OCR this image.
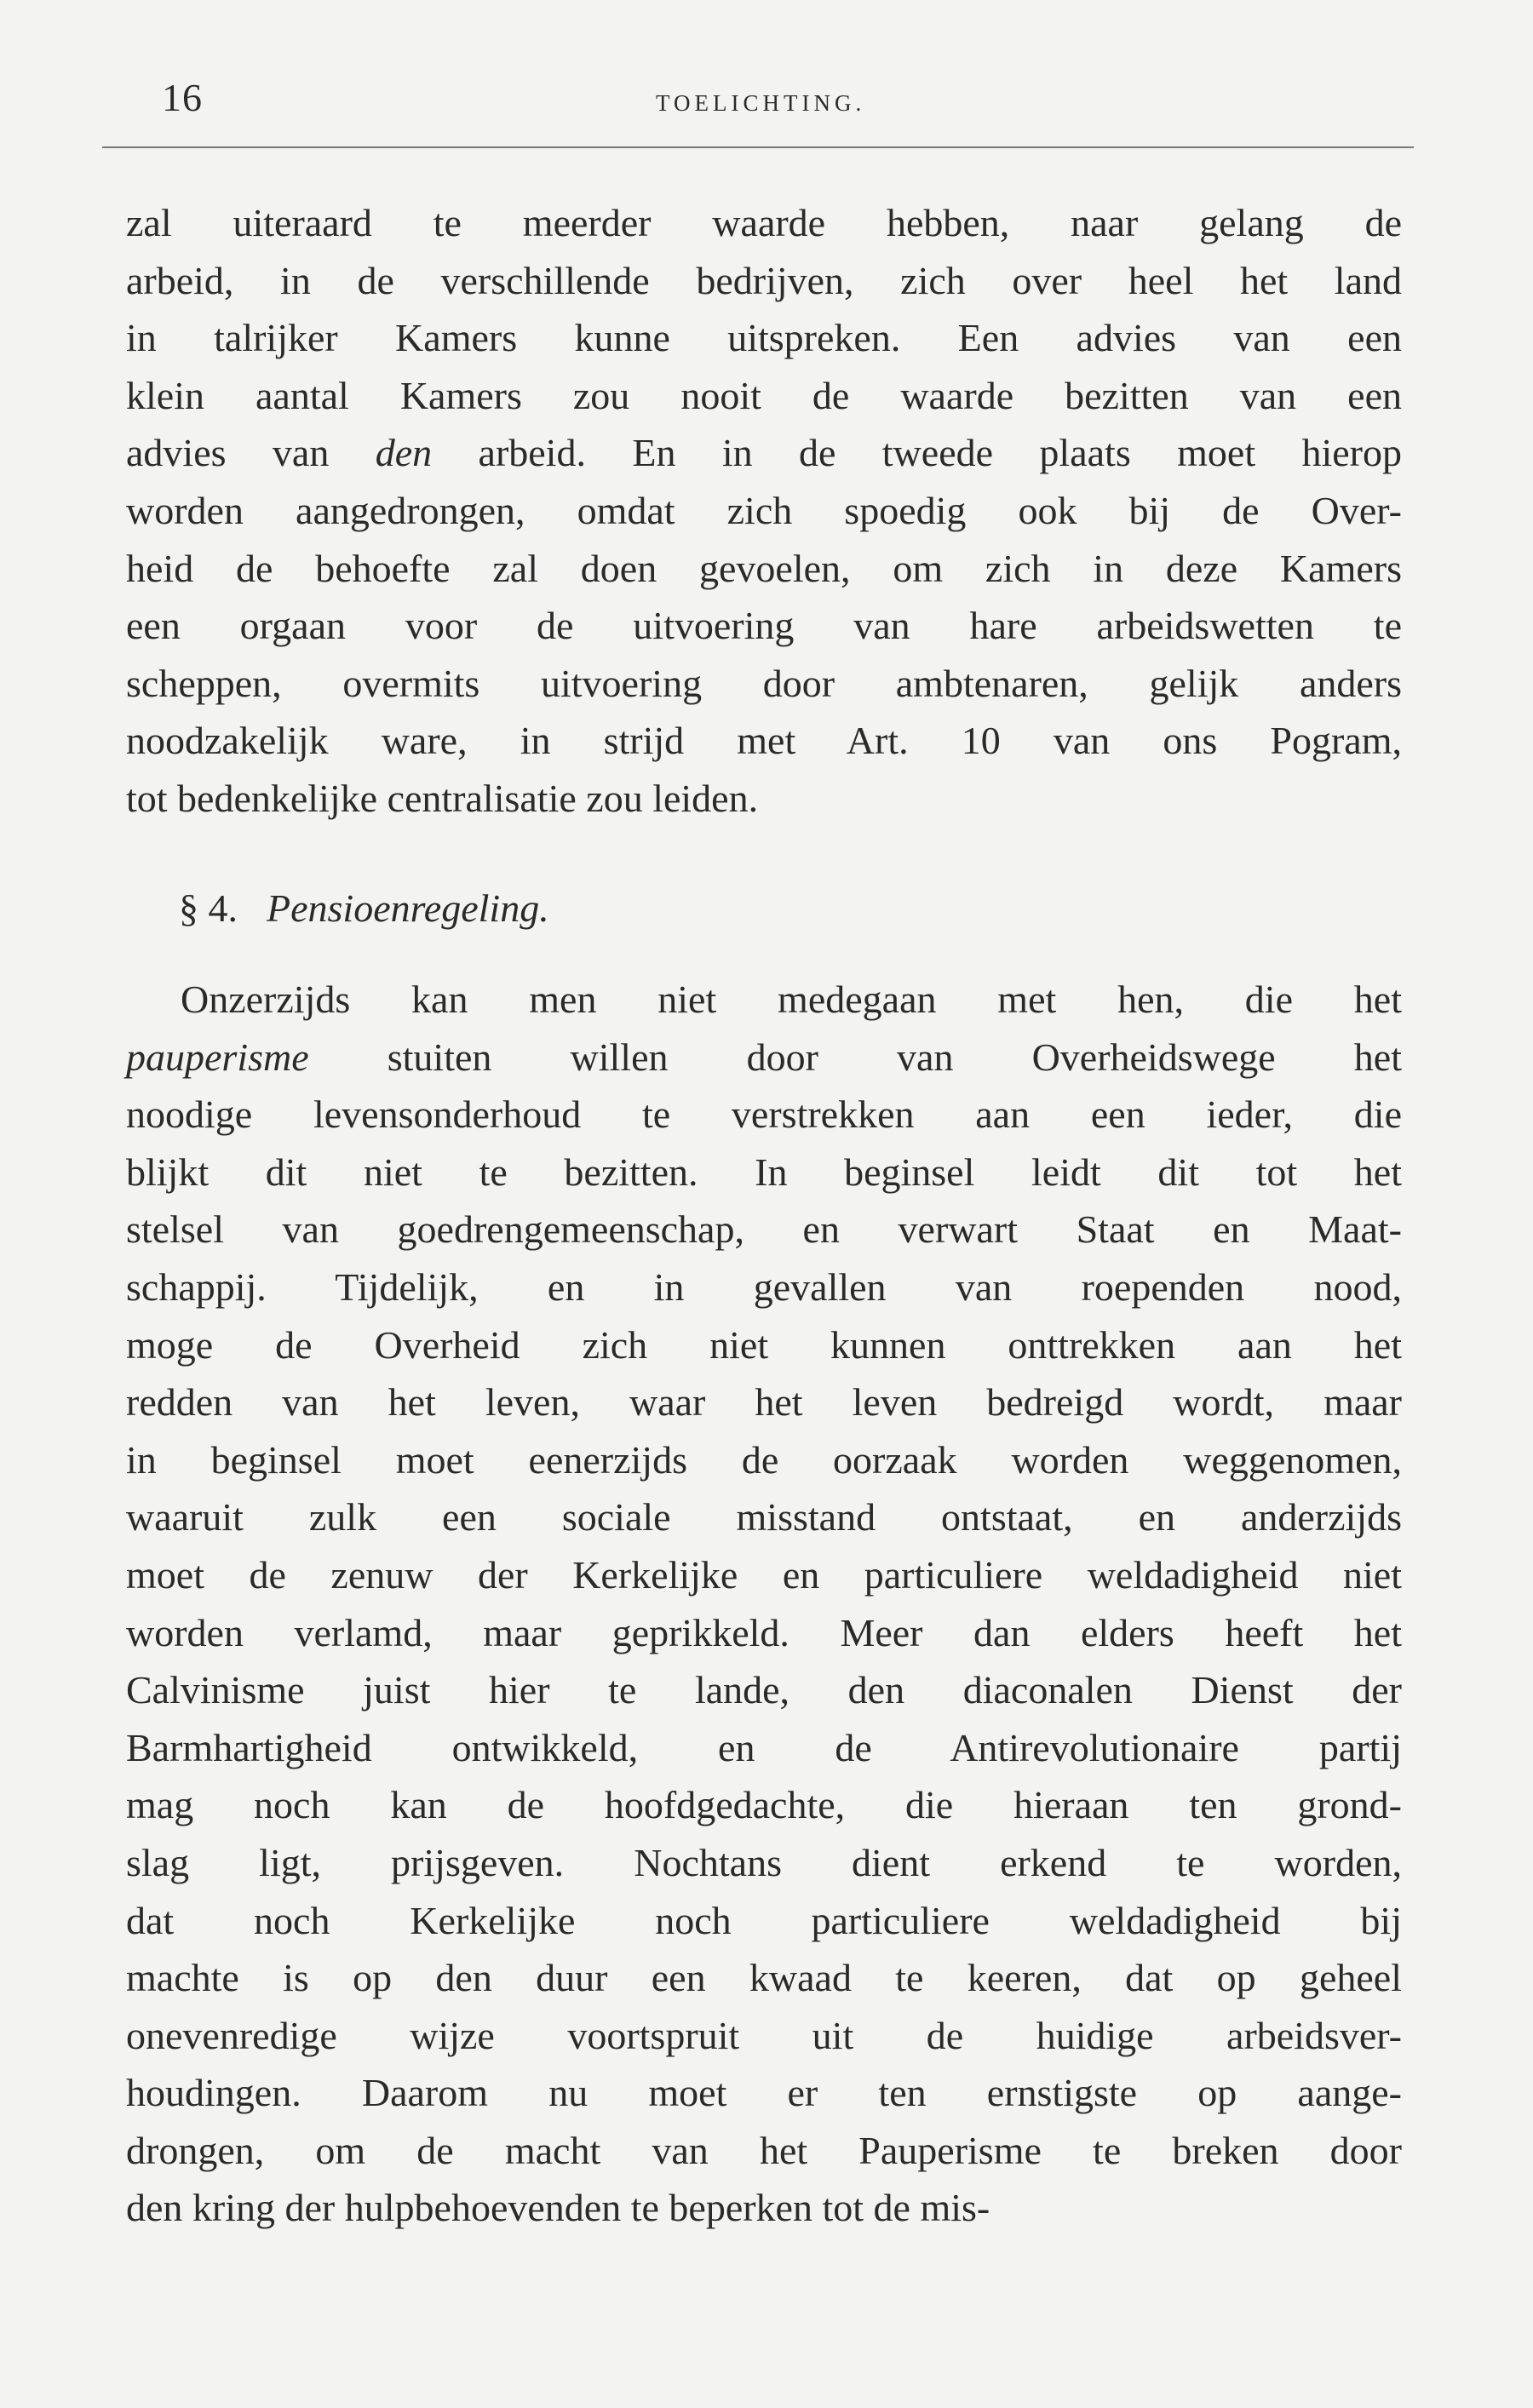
16	TOELICHTING.
zal uiteraard te meerder waarde hebben, naar gelang de
arbeid, in de verschillende bedrijven, zich over heel het land
in talrijker Kamers kunne uitspreken. Een advies van een
klein aantal Kamers zou nooit de waarde bezitten van een
advies van den arbeid. En in de tweede plaats moet hierop
worden aangedrongen, omdat zich spoedig ook bij de Over-
heid de behoefte zal doen gevoelen, om zich in deze Kamers
een orgaan voor de uitvoering van hare arbeidswetten te
scheppen, overmits uitvoering door ambtenaren, gelijk anders
noodzakelijk ware, in strijd met Art. 10 van ons Pogram,
tot bedenkelijke centralisatie zou leiden.
§ 4. Pensioenregeling.
Onzerzijds kan men niet medegaan met hen, die het
pauperisme stuiten willen door van Overheidswege het
noodige levensonderhoud te verstrekken aan een ieder, die
blijkt dit niet te bezitten. In beginsel leidt dit tot het
stelsel van goedrengemeenschap, en verwart Staat en Maat-
schappij. Tijdelijk, en in gevallen van roependen nood,
moge de Overheid zich niet kunnen onttrekken aan het
redden van het leven, waar het leven bedreigd wordt, maar
in beginsel moet eenerzijds de oorzaak worden weggenomen,
waaruit zulk een sociale misstand ontstaat, en anderzijds
moet de zenuw der Kerkelijke en particuliere weldadigheid niet
worden verlamd, maar geprikkeld. Meer dan elders heeft het
Calvinisme juist hier te lande, den diaconalen Dienst der
Barmhartigheid ontwikkeld, en de Antirevolutionaire partij
mag noch kan de hoofdgedachte, die hieraan ten grond-
slag ligt, prijsgeven. Nochtans dient erkend te worden,
dat noch Kerkelijke noch particuliere weldadigheid bij
machte is op den duur een kwaad te keeren, dat op geheel
onevenredige wijze voortspruit uit de huidige arbeidsver-
houdingen. Daarom nu moet er ten ernstigste op aange-
drongen, om de macht van het Pauperisme te breken door
den kring der hulpbehoevenden te beperken tot de mis-
